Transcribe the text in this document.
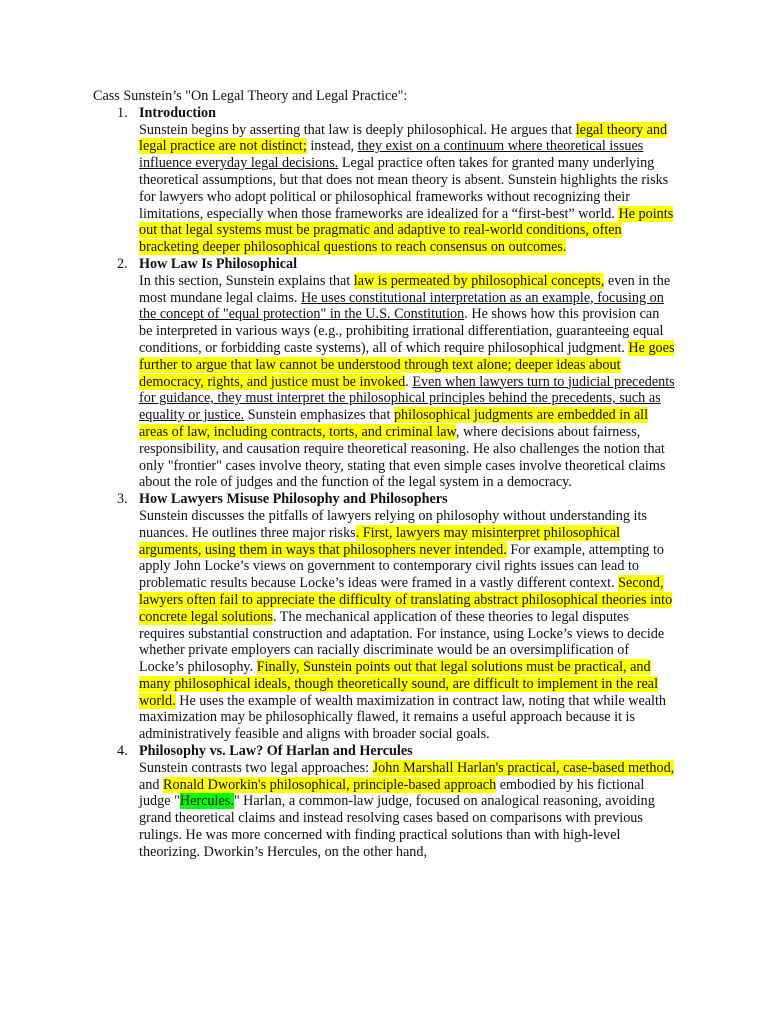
Cass Sunstein’s "On Legal Theory and Legal Practice":
1. Introduction
Sunstein begins by asserting that law is deeply philosophical. He argues that legal theory and legal practice are not distinct; instead, they exist on a continuum where theoretical issues influence everyday legal decisions. Legal practice often takes for granted many underlying theoretical assumptions, but that does not mean theory is absent. Sunstein highlights the risks for lawyers who adopt political or philosophical frameworks without recognizing their limitations, especially when those frameworks are idealized for a “first-best” world. He points out that legal systems must be pragmatic and adaptive to real-world conditions, often bracketing deeper philosophical questions to reach consensus on outcomes.
2. How Law Is Philosophical
In this section, Sunstein explains that law is permeated by philosophical concepts, even in the most mundane legal claims. He uses constitutional interpretation as an example, focusing on the concept of "equal protection" in the U.S. Constitution. He shows how this provision can be interpreted in various ways (e.g., prohibiting irrational differentiation, guaranteeing equal conditions, or forbidding caste systems), all of which require philosophical judgment. He goes further to argue that law cannot be understood through text alone; deeper ideas about democracy, rights, and justice must be invoked. Even when lawyers turn to judicial precedents for guidance, they must interpret the philosophical principles behind the precedents, such as equality or justice. Sunstein emphasizes that philosophical judgments are embedded in all areas of law, including contracts, torts, and criminal law, where decisions about fairness, responsibility, and causation require theoretical reasoning. He also challenges the notion that only "frontier" cases involve theory, stating that even simple cases involve theoretical claims about the role of judges and the function of the legal system in a democracy.
3. How Lawyers Misuse Philosophy and Philosophers
Sunstein discusses the pitfalls of lawyers relying on philosophy without understanding its nuances. He outlines three major risks. First, lawyers may misinterpret philosophical arguments, using them in ways that philosophers never intended. For example, attempting to apply John Locke’s views on government to contemporary civil rights issues can lead to problematic results because Locke’s ideas were framed in a vastly different context. Second, lawyers often fail to appreciate the difficulty of translating abstract philosophical theories into concrete legal solutions. The mechanical application of these theories to legal disputes requires substantial construction and adaptation. For instance, using Locke’s views to decide whether private employers can racially discriminate would be an oversimplification of Locke’s philosophy. Finally, Sunstein points out that legal solutions must be practical, and many philosophical ideals, though theoretically sound, are difficult to implement in the real world. He uses the example of wealth maximization in contract law, noting that while wealth maximization may be philosophically flawed, it remains a useful approach because it is administratively feasible and aligns with broader social goals.
4. Philosophy vs. Law? Of Harlan and Hercules
Sunstein contrasts two legal approaches: John Marshall Harlan's practical, case-based method, and Ronald Dworkin's philosophical, principle-based approach embodied by his fictional judge "Hercules." Harlan, a common-law judge, focused on analogical reasoning, avoiding grand theoretical claims and instead resolving cases based on comparisons with previous rulings. He was more concerned with finding practical solutions than with high-level theorizing. Dworkin’s Hercules, on the other hand,
